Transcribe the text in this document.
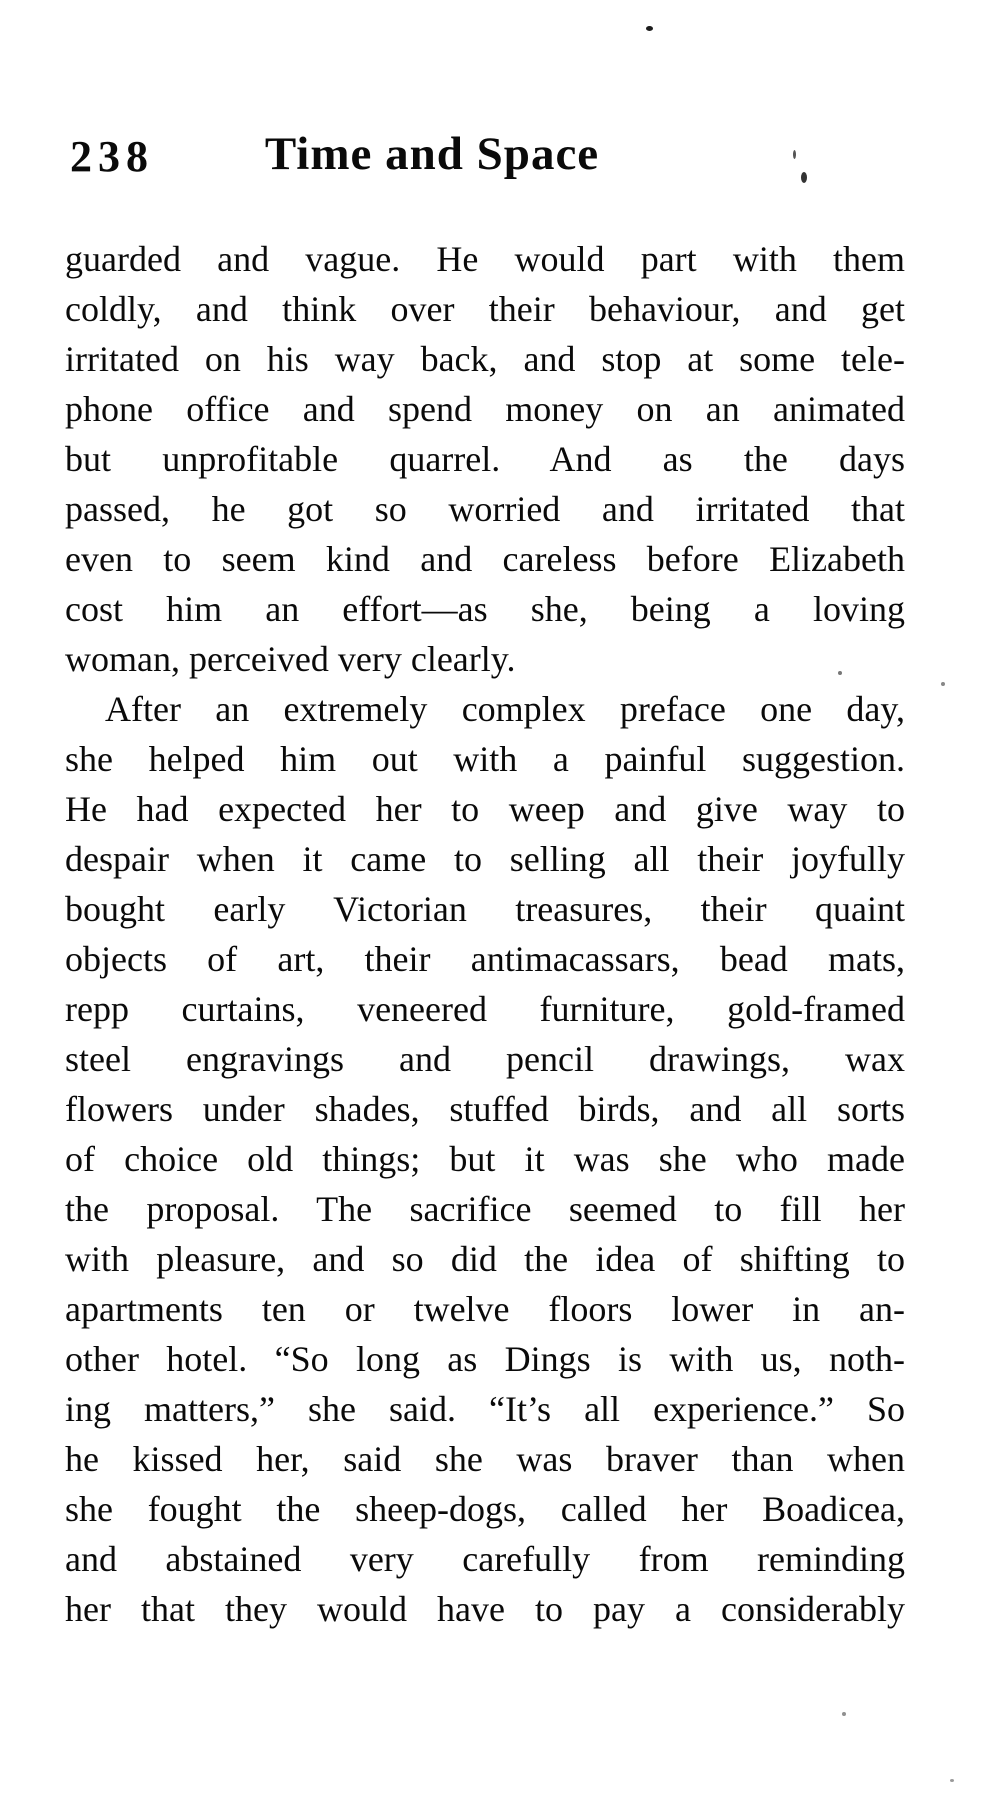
238	Time and Space
guarded and vague. He would part with them
coldly, and think over their behaviour, and get
irritated on his way back, and stop at some tele-
phone office and spend money on an animated
but unprofitable quarrel. And as the days
passed, he got so worried and irritated that
even to seem kind and careless before Elizabeth
cost him an effort—as she, being a loving
woman, perceived very clearly.
After an extremely complex preface one day,
she helped him out with a painful suggestion.
He had expected her to weep and give way to
despair when it came to selling all their joyfully
bought early Victorian treasures, their quaint
objects of art, their antimacassars, bead mats,
repp curtains, veneered furniture, gold-framed
steel engravings and pencil drawings, wax
flowers under shades, stuffed birds, and all sorts
of choice old things; but it was she who made
the proposal. The sacrifice seemed to fill her
with pleasure, and so did the idea of shifting to
apartments ten or twelve floors lower in an-
other hotel. “So long as Dings is with us, noth-
ing matters,” she said. “It’s all experience.” So
he kissed her, said she was braver than when
she fought the sheep-dogs, called her Boadicea,
and abstained very carefully from reminding
her that they would have to pay a considerably
